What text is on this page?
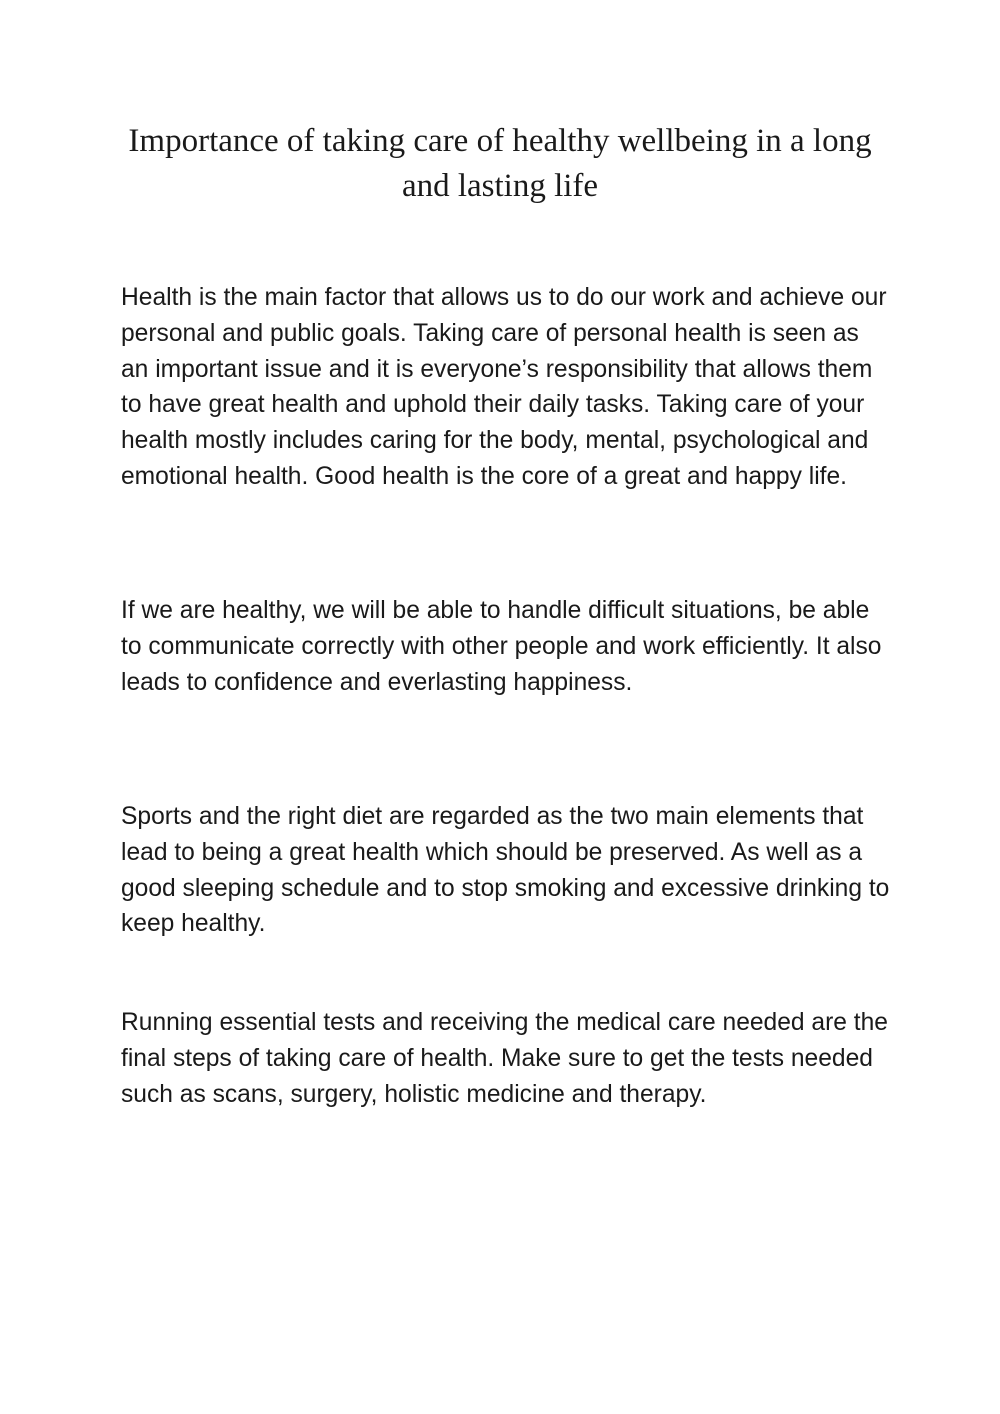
Importance of taking care of healthy wellbeing in a long and lasting life

Health is the main factor that allows us to do our work and achieve our personal and public goals. Taking care of personal health is seen as an important issue and it is everyone’s responsibility that allows them to have great health and uphold their daily tasks. Taking care of your health mostly includes caring for the body, mental, psychological and emotional health. Good health is the core of a great and happy life.

If we are healthy, we will be able to handle difficult situations, be able to communicate correctly with other people and work efficiently. It also leads to confidence and everlasting happiness.

Sports and the right diet are regarded as the two main elements that lead to being a great health which should be preserved. As well as a good sleeping schedule and to stop smoking and excessive drinking to keep healthy.

Running essential tests and receiving the medical care needed are the final steps of taking care of health. Make sure to get the tests needed such as scans, surgery, holistic medicine and therapy.
